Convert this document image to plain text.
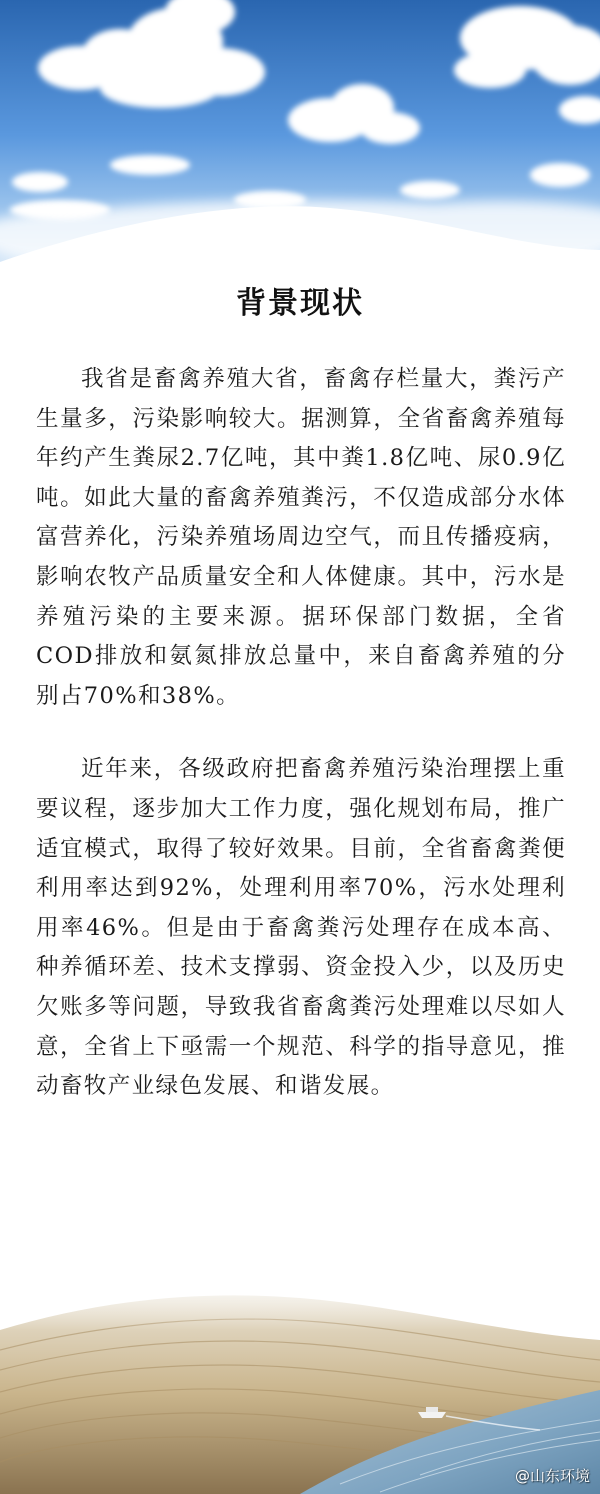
背景现状

我省是畜禽养殖大省，畜禽存栏量大，粪污产生量多，污染影响较大。据测算，全省畜禽养殖每年约产生粪尿2.7亿吨，其中粪1.8亿吨、尿0.9亿吨。如此大量的畜禽养殖粪污，不仅造成部分水体富营养化，污染养殖场周边空气，而且传播疫病，影响农牧产品质量安全和人体健康。其中，污水是养殖污染的主要来源。据环保部门数据，全省COD排放和氨氮排放总量中，来自畜禽养殖的分别占70%和38%。

近年来，各级政府把畜禽养殖污染治理摆上重要议程，逐步加大工作力度，强化规划布局，推广适宜模式，取得了较好效果。目前，全省畜禽粪便利用率达到92%，处理利用率70%，污水处理利用率46%。但是由于畜禽粪污处理存在成本高、种养循环差、技术支撑弱、资金投入少，以及历史欠账多等问题，导致我省畜禽粪污处理难以尽如人意，全省上下亟需一个规范、科学的指导意见，推动畜牧产业绿色发展、和谐发展。

@山东环境
